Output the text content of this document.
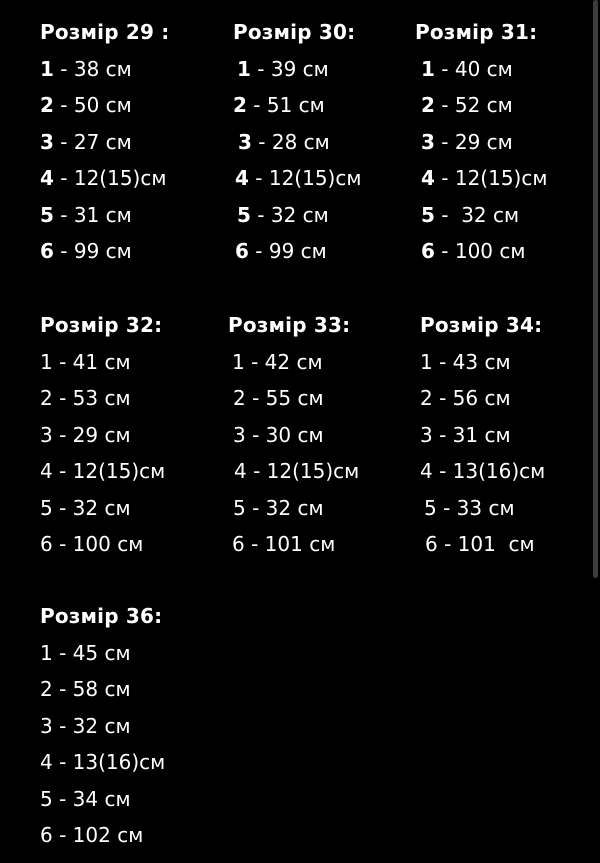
Розмір 29 :
1 - 38 см
2 - 50 см
3 - 27 см
4 - 12(15)см
5 - 31 см
6 - 99 см
Розмір 30:
1 - 39 см
2 - 51 см
3 - 28 см
4 - 12(15)см
5 - 32 см
6 - 99 см
Розмір 31:
1 - 40 см
2 - 52 см
3 - 29 см
4 - 12(15)см
5 -  32 см
6 - 100 см
Розмір 32:
1 - 41 см
2 - 53 см
3 - 29 см
4 - 12(15)см
5 - 32 см
6 - 100 см
Розмір 33:
1 - 42 см
2 - 55 см
3 - 30 см
4 - 12(15)см
5 - 32 см
6 - 101 см
Розмір 34:
1 - 43 см
2 - 56 см
3 - 31 см
4 - 13(16)см
5 - 33 см
6 - 101  см
Розмір 36:
1 - 45 см
2 - 58 см
3 - 32 см
4 - 13(16)см
5 - 34 см
6 - 102 см
